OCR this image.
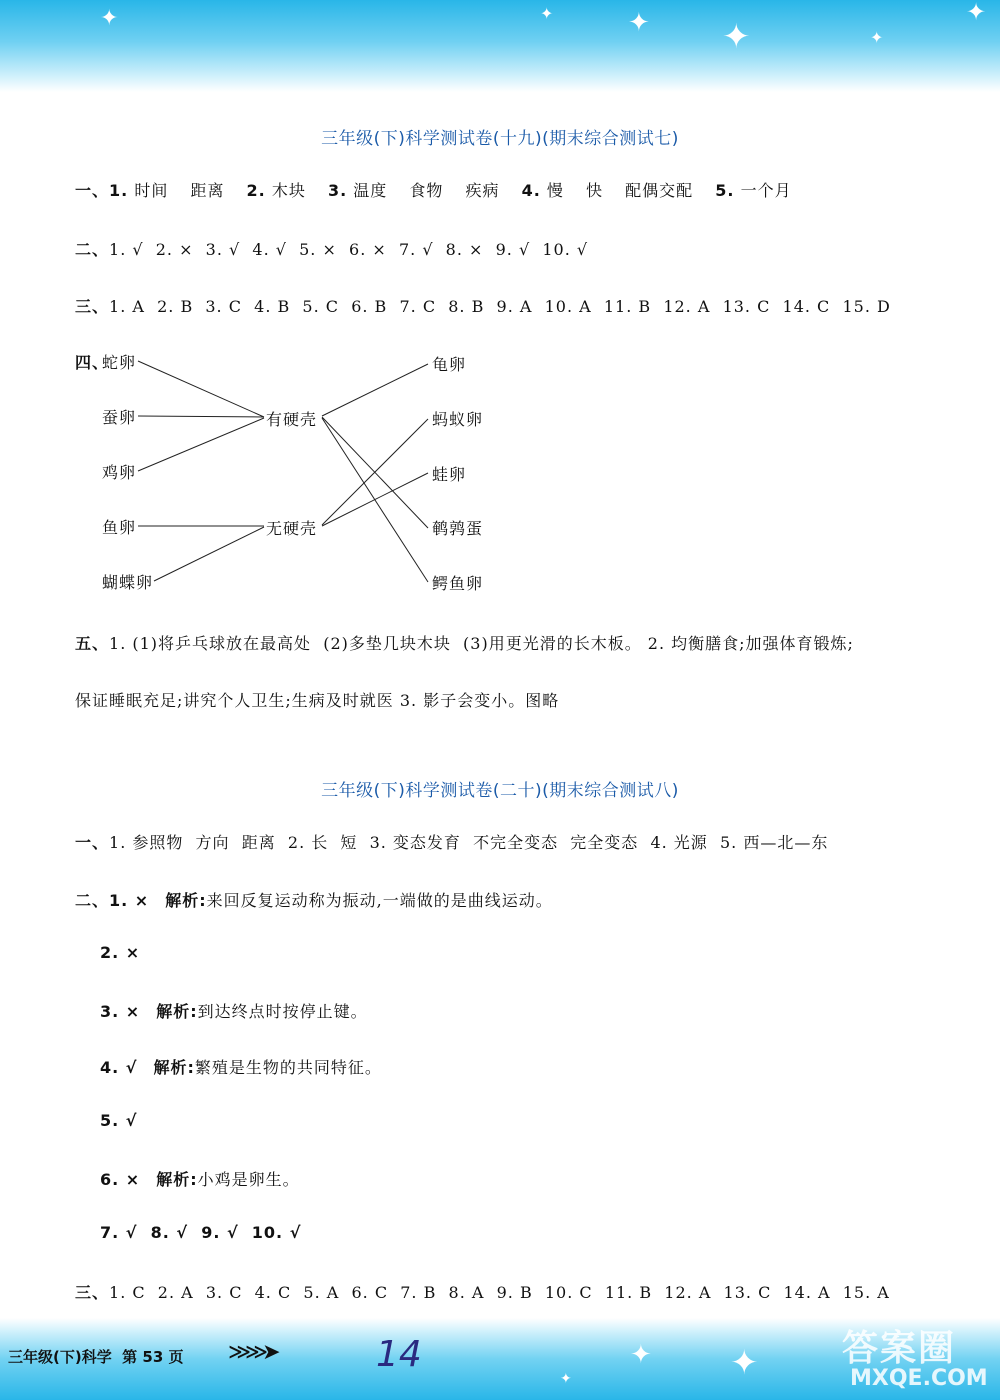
✦	✦	✦ ✦	✦
✦
✦
✦	✦
三年级(下)科学测试卷(十九)(期末综合测试七)
一、1. 时间 距离 2. 木块 3. 温度 食物 疾病 4. 慢 快 配偶交配 5. 一个月
二、1. √  2. ×  3. √  4. √  5. ×  6. ×  7. √  8. ×  9. √  10. √
三、1. A  2. B  3. C  4. B  5. C  6. B  7. C  8. B  9. A  10. A  11. B  12. A  13. C  14. C  15. D
四、
蛇卵
蚕卵
鸡卵
鱼卵
蝴蝶卵
有硬壳
无硬壳
龟卵
蚂蚁卵
蛙卵
鹌鹑蛋
鳄鱼卵
五、1. (1)将乒乓球放在最高处  (2)多垫几块木块  (3)用更光滑的长木板。 2. 均衡膳食;加强体育锻炼;
保证睡眠充足;讲究个人卫生;生病及时就医 3. 影子会变小。图略
三年级(下)科学测试卷(二十)(期末综合测试八)
一、1. 参照物  方向  距离  2. 长  短  3. 变态发育  不完全变态  完全变态  4. 光源  5. 西—北—东
二、1. × 解析:来回反复运动称为振动,一端做的是曲线运动。
2. ×
3. × 解析:到达终点时按停止键。
4. √ 解析:繁殖是生物的共同特征。
5. √
6. × 解析:小鸡是卵生。
7. √  8. √  9. √  10. √
三、1. C  2. A  3. C  4. C  5. A  6. C  7. B  8. A  9. B  10. C  11. B  12. A  13. C  14. A  15. A
三年级(下)科学  第 53 页 ≫≫➤	14	答案圈
MXQE.COM
